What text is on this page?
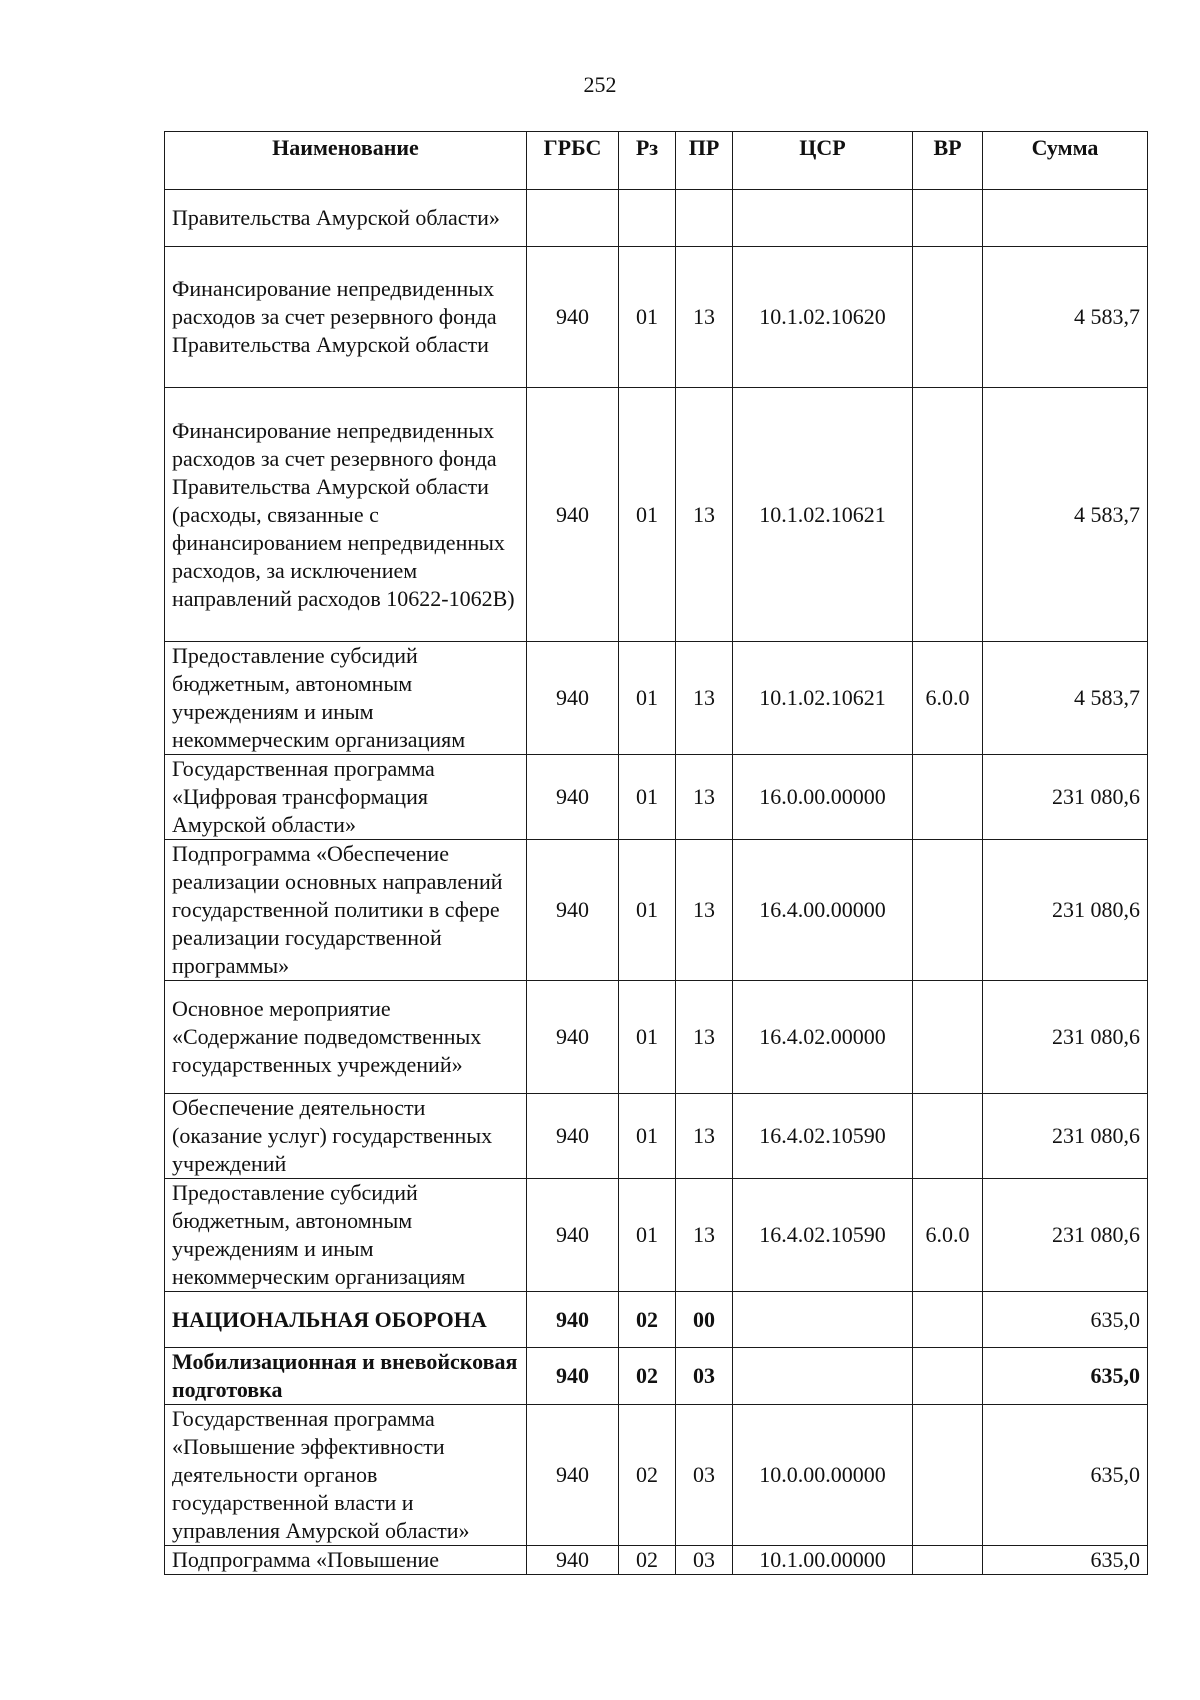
252
Наименование	ГРБС	Рз	ПР	ЦСР	ВР	Сумма
Правительства Амурской области»						
Финансирование непредвиденных расходов за счет резервного фонда Правительства Амурской области	940	01	13	10.1.02.10620		4 583,7
Финансирование непредвиденных расходов за счет резервного фонда Правительства Амурской области (расходы, связанные с финансированием непредвиденных расходов, за исключением направлений расходов 10622-1062В)	940	01	13	10.1.02.10621		4 583,7
Предоставление субсидий бюджетным, автономным учреждениям и иным некоммерческим организациям	940	01	13	10.1.02.10621	6.0.0	4 583,7
Государственная программа «Цифровая трансформация Амурской области»	940	01	13	16.0.00.00000		231 080,6
Подпрограмма «Обеспечение реализации основных направлений государственной политики в сфере реализации государственной программы»	940	01	13	16.4.00.00000		231 080,6
Основное мероприятие «Содержание подведомственных государственных учреждений»	940	01	13	16.4.02.00000		231 080,6
Обеспечение деятельности (оказание услуг) государственных учреждений	940	01	13	16.4.02.10590		231 080,6
Предоставление субсидий бюджетным, автономным учреждениям и иным некоммерческим организациям	940	01	13	16.4.02.10590	6.0.0	231 080,6
НАЦИОНАЛЬНАЯ ОБОРОНА	940	02	00			635,0
Мобилизационная и вневойсковая подготовка	940	02	03			635,0
Государственная программа «Повышение эффективности деятельности органов государственной власти и управления Амурской области»	940	02	03	10.0.00.00000		635,0
Подпрограмма «Повышение	940	02	03	10.1.00.00000		635,0
